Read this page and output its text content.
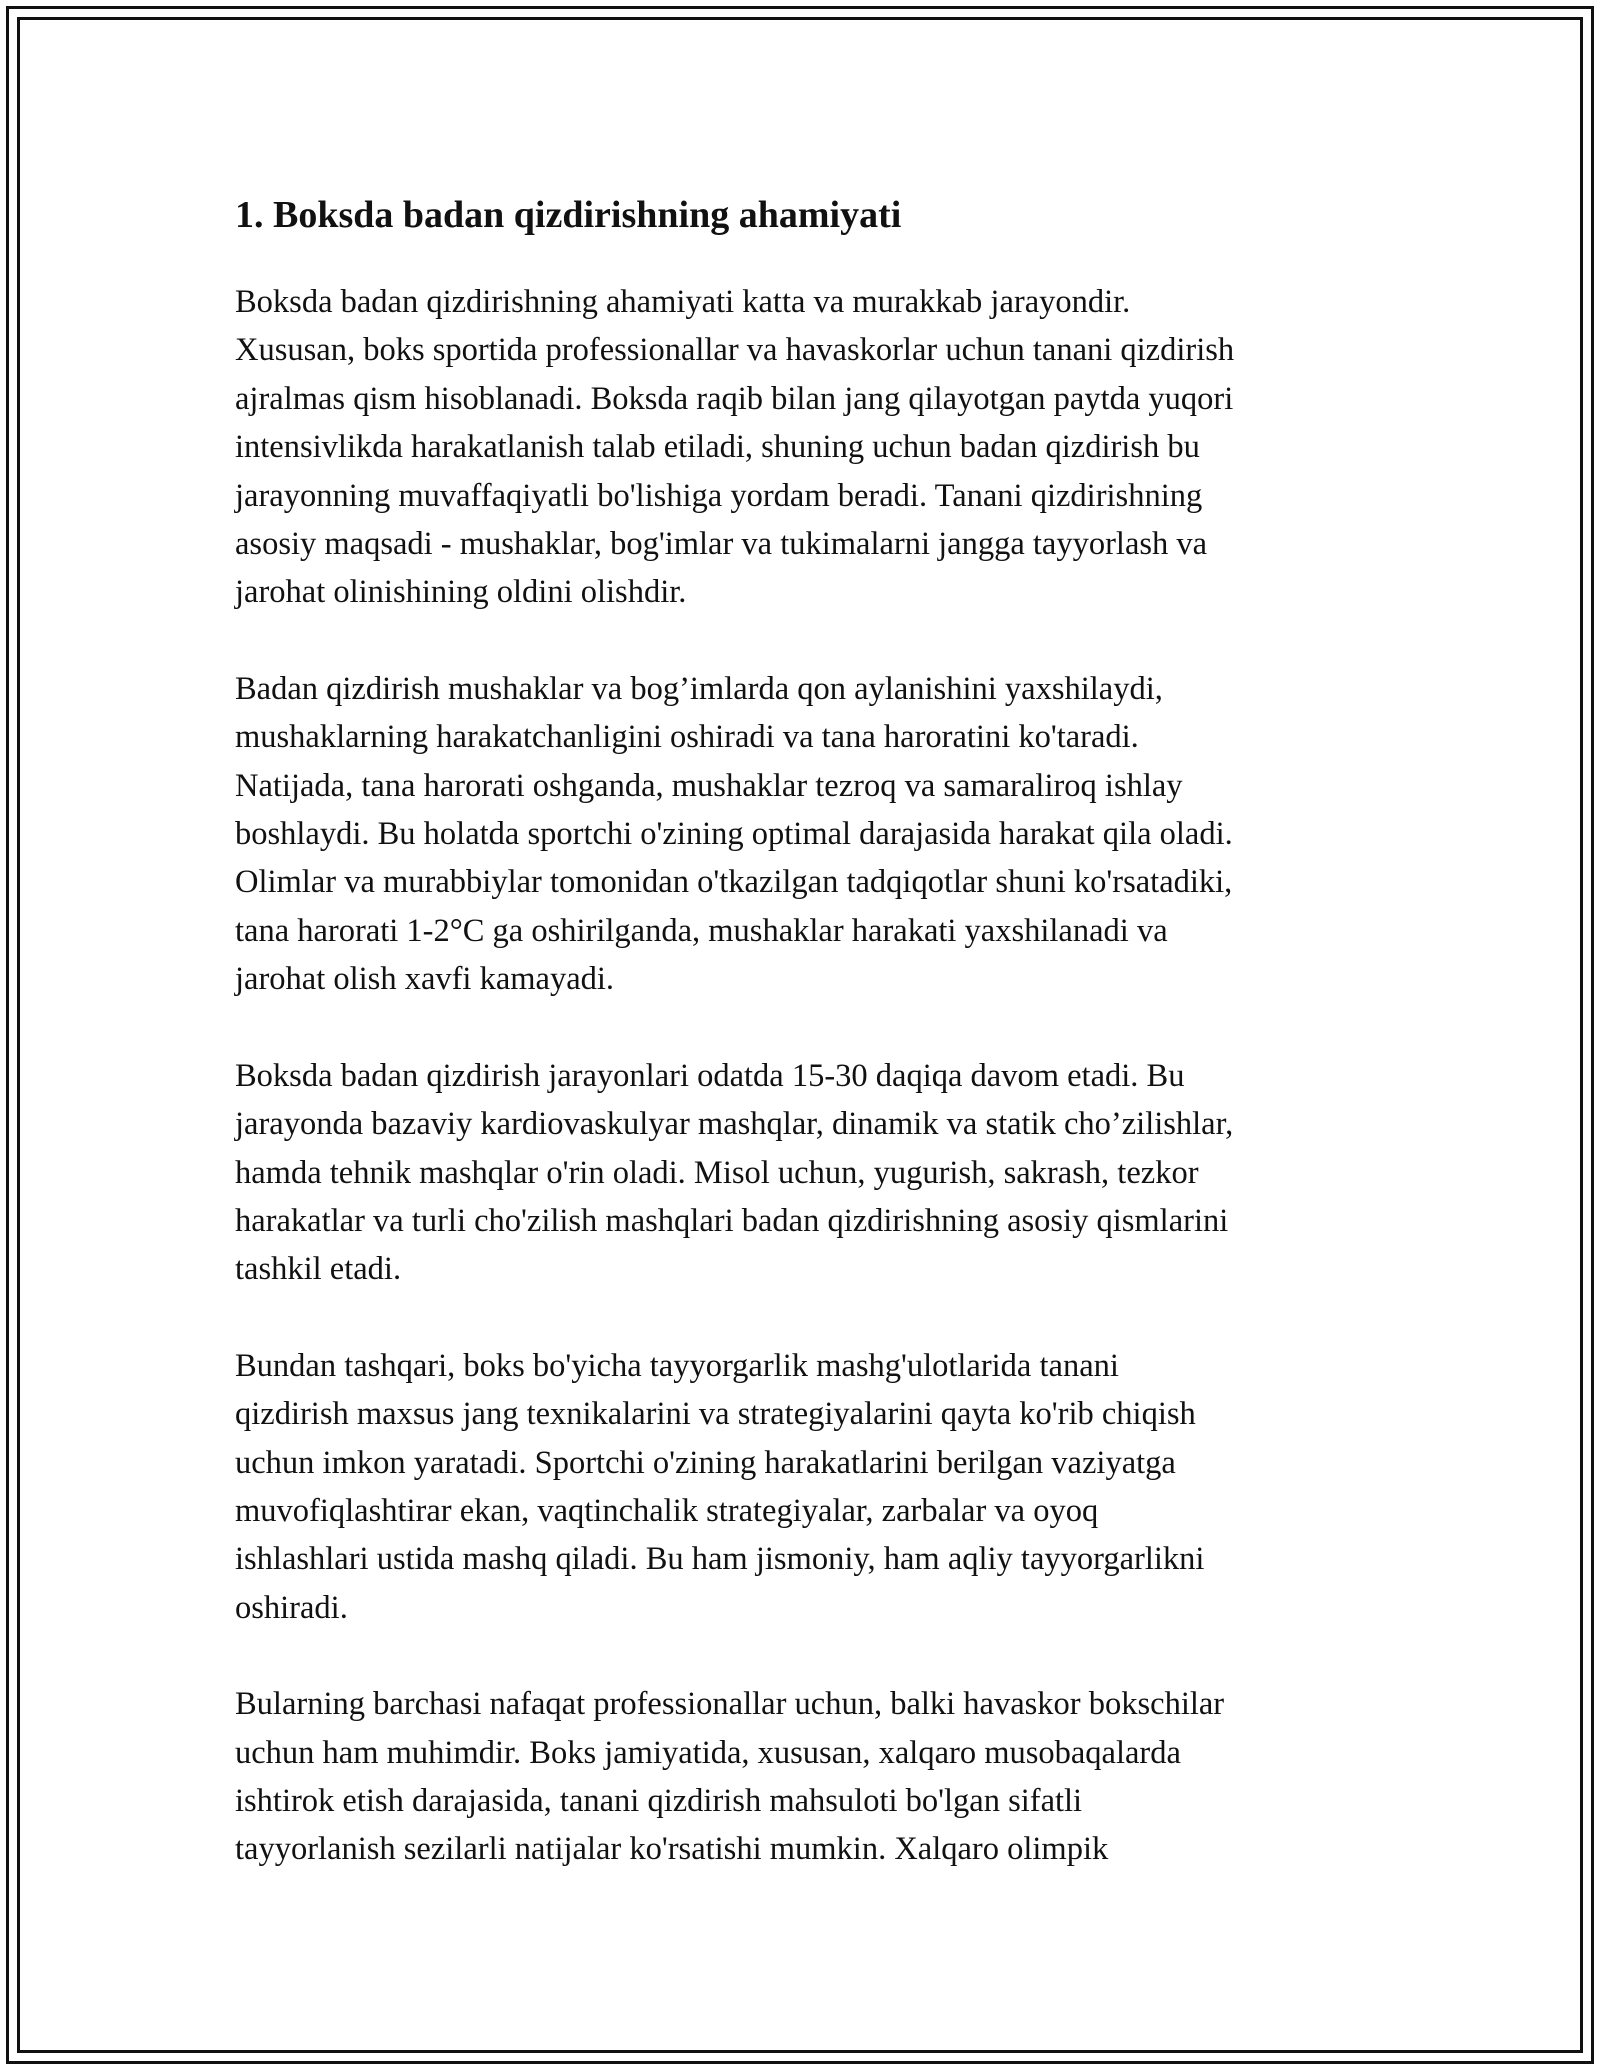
1. Boksda badan qizdirishning ahamiyati

Boksda badan qizdirishning ahamiyati katta va murakkab jarayondir.
Xususan, boks sportida professionallar va havaskorlar uchun tanani qizdirish
ajralmas qism hisoblanadi. Boksda raqib bilan jang qilayotgan paytda yuqori
intensivlikda harakatlanish talab etiladi, shuning uchun badan qizdirish bu
jarayonning muvaffaqiyatli bo'lishiga yordam beradi. Tanani qizdirishning
asosiy maqsadi - mushaklar, bog'imlar va tukimalarni jangga tayyorlash va
jarohat olinishining oldini olishdir.

Badan qizdirish mushaklar va bog’imlarda qon aylanishini yaxshilaydi,
mushaklarning harakatchanligini oshiradi va tana haroratini ko'taradi.
Natijada, tana harorati oshganda, mushaklar tezroq va samaraliroq ishlay
boshlaydi. Bu holatda sportchi o'zining optimal darajasida harakat qila oladi.
Olimlar va murabbiylar tomonidan o'tkazilgan tadqiqotlar shuni ko'rsatadiki,
tana harorati 1-2°C ga oshirilganda, mushaklar harakati yaxshilanadi va
jarohat olish xavfi kamayadi.

Boksda badan qizdirish jarayonlari odatda 15-30 daqiqa davom etadi. Bu
jarayonda bazaviy kardiovaskulyar mashqlar, dinamik va statik cho’zilishlar,
hamda tehnik mashqlar o'rin oladi. Misol uchun, yugurish, sakrash, tezkor
harakatlar va turli cho'zilish mashqlari badan qizdirishning asosiy qismlarini
tashkil etadi.

Bundan tashqari, boks bo'yicha tayyorgarlik mashg'ulotlarida tanani
qizdirish maxsus jang texnikalarini va strategiyalarini qayta ko'rib chiqish
uchun imkon yaratadi. Sportchi o'zining harakatlarini berilgan vaziyatga
muvofiqlashtirar ekan, vaqtinchalik strategiyalar, zarbalar va oyoq
ishlashlari ustida mashq qiladi. Bu ham jismoniy, ham aqliy tayyorgarlikni
oshiradi.

Bularning barchasi nafaqat professionallar uchun, balki havaskor bokschilar
uchun ham muhimdir. Boks jamiyatida, xususan, xalqaro musobaqalarda
ishtirok etish darajasida, tanani qizdirish mahsuloti bo'lgan sifatli
tayyorlanish sezilarli natijalar ko'rsatishi mumkin. Xalqaro olimpik
